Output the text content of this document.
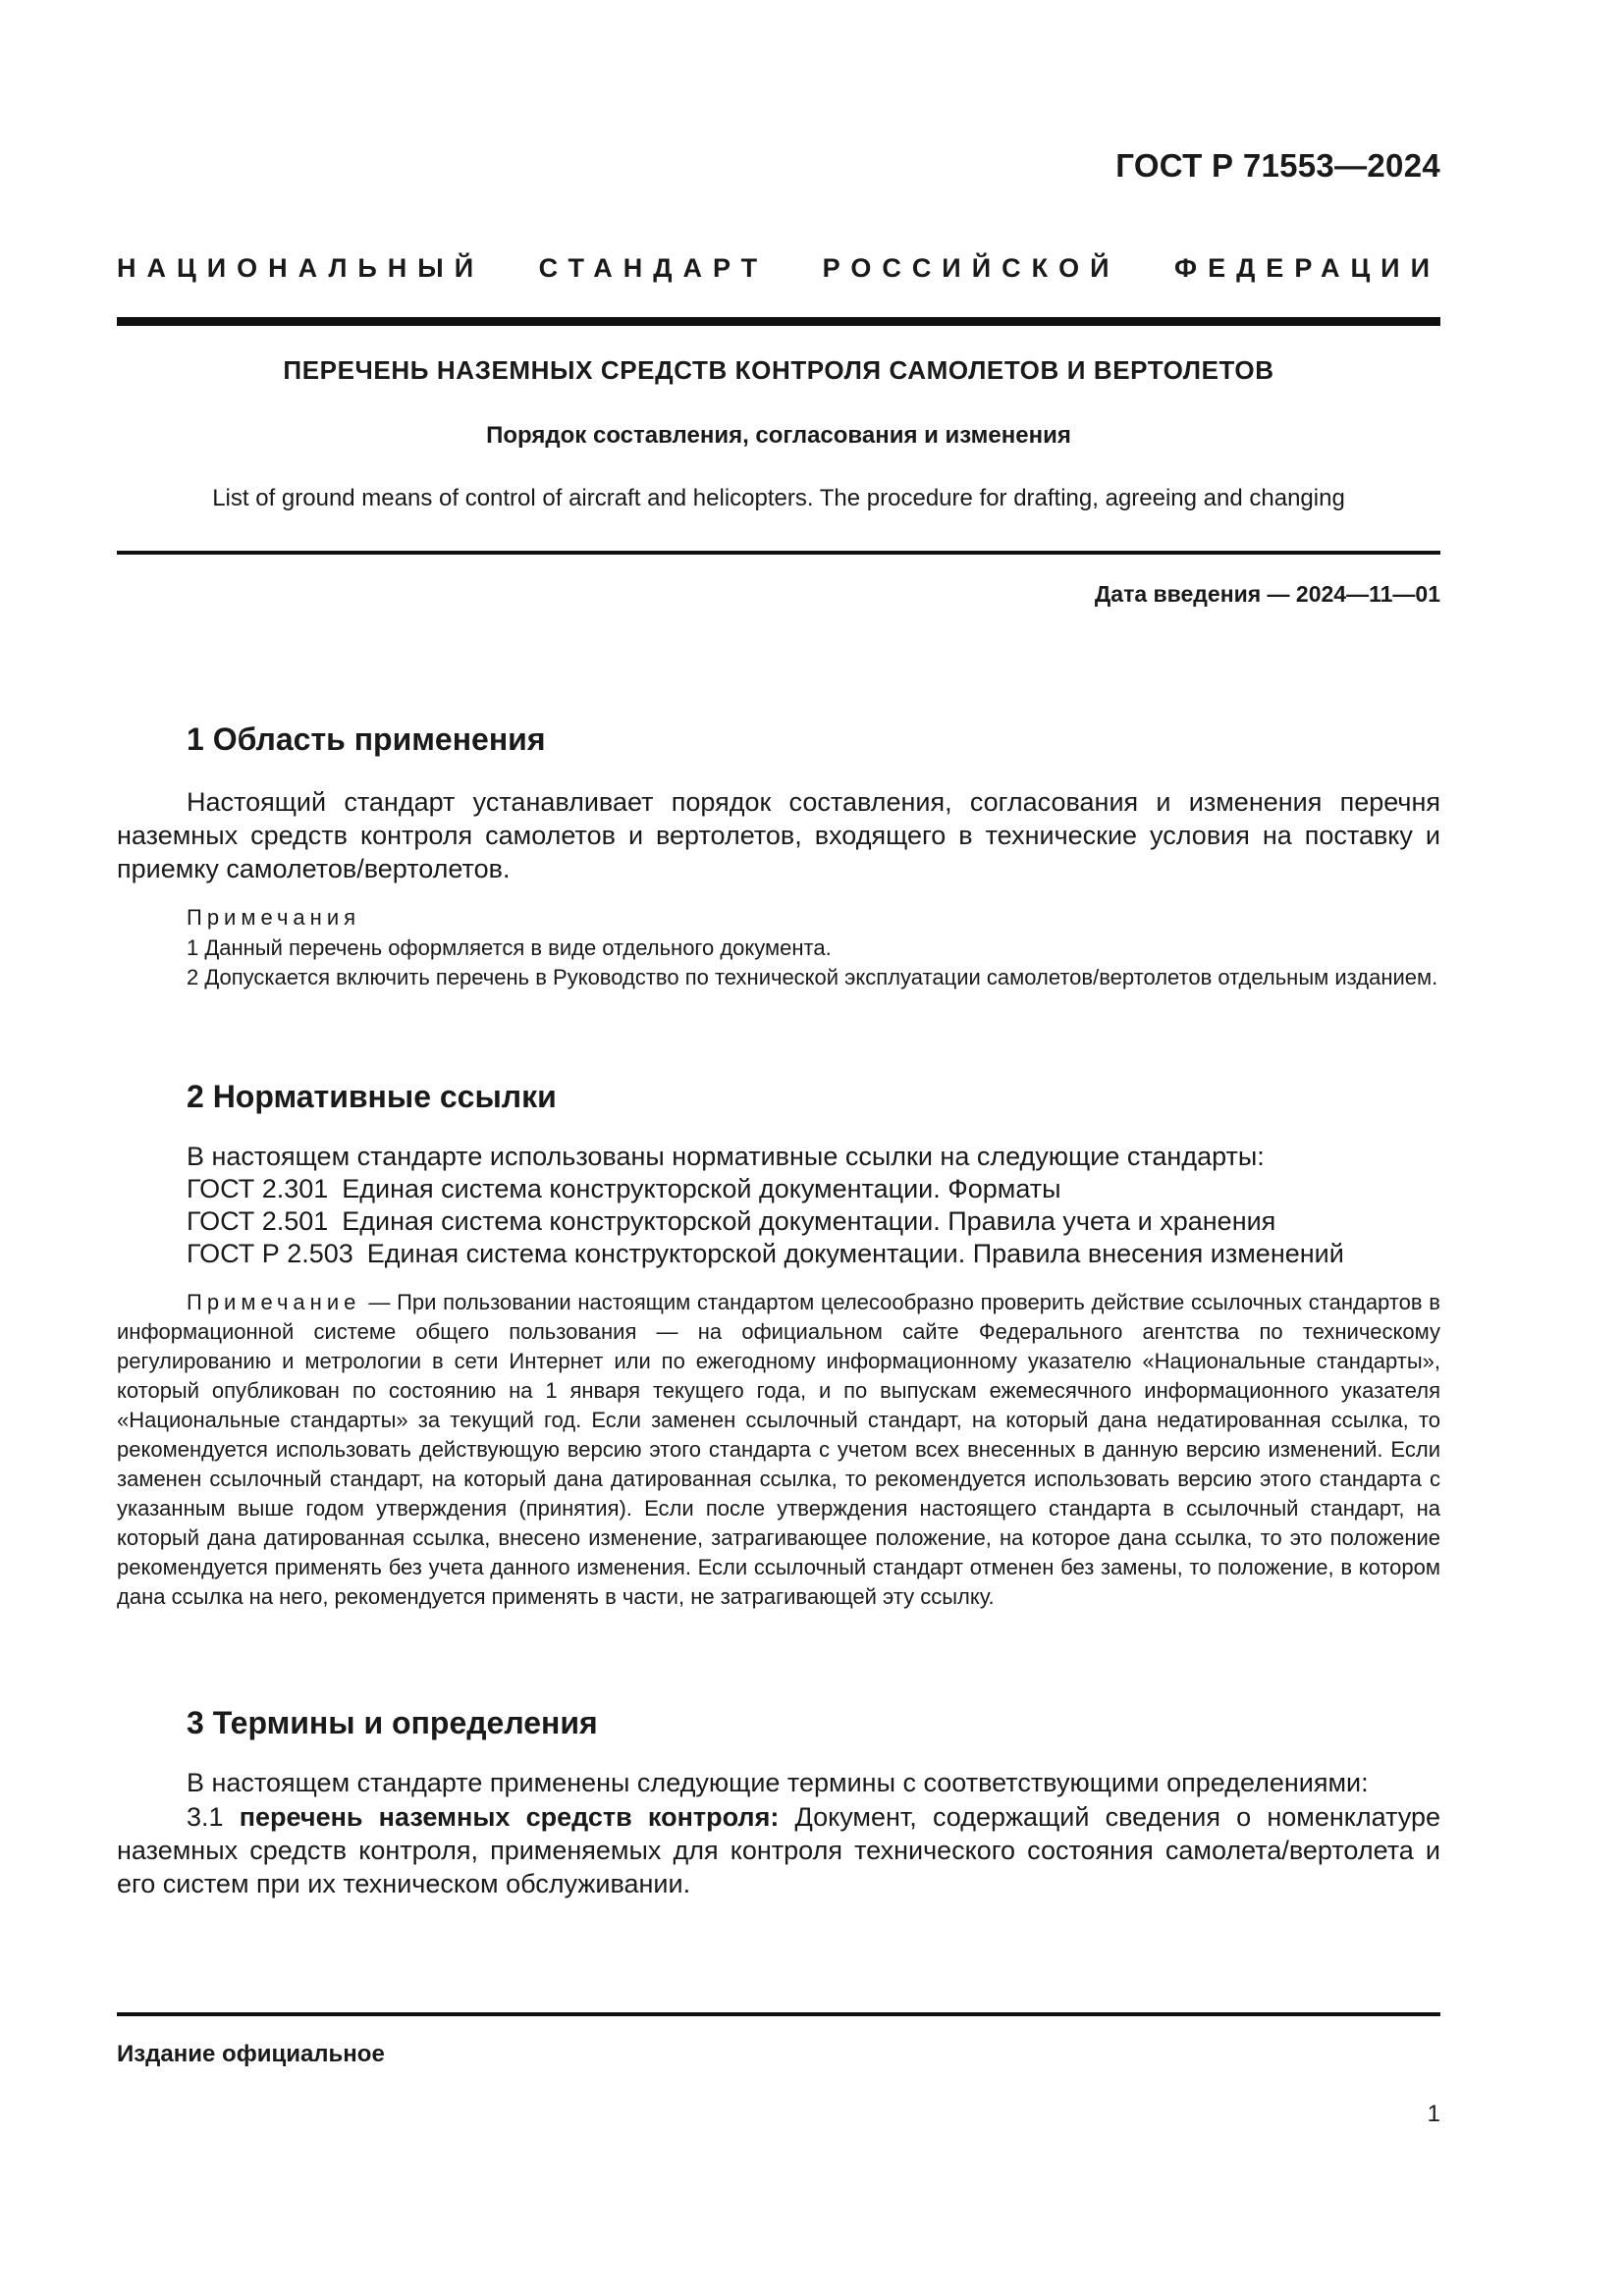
ГОСТ Р 71553—2024
НАЦИОНАЛЬНЫЙ СТАНДАРТ РОССИЙСКОЙ ФЕДЕРАЦИИ
ПЕРЕЧЕНЬ НАЗЕМНЫХ СРЕДСТВ КОНТРОЛЯ САМОЛЕТОВ И ВЕРТОЛЕТОВ
Порядок составления, согласования и изменения
List of ground means of control of aircraft and helicopters. The procedure for drafting, agreeing and changing
Дата введения — 2024—11—01
1 Область применения
Настоящий стандарт устанавливает порядок составления, согласования и изменения перечня наземных средств контроля самолетов и вертолетов, входящего в технические условия на поставку и приемку самолетов/вертолетов.
Примечания
1 Данный перечень оформляется в виде отдельного документа.
2 Допускается включить перечень в Руководство по технической эксплуатации самолетов/вертолетов отдельным изданием.
2 Нормативные ссылки
В настоящем стандарте использованы нормативные ссылки на следующие стандарты:
ГОСТ 2.301 Единая система конструкторской документации. Форматы
ГОСТ 2.501 Единая система конструкторской документации. Правила учета и хранения
ГОСТ Р 2.503 Единая система конструкторской документации. Правила внесения изменений
Примечание — При пользовании настоящим стандартом целесообразно проверить действие ссылочных стандартов в информационной системе общего пользования — на официальном сайте Федерального агентства по техническому регулированию и метрологии в сети Интернет или по ежегодному информационному указателю «Национальные стандарты», который опубликован по состоянию на 1 января текущего года, и по выпускам ежемесячного информационного указателя «Национальные стандарты» за текущий год. Если заменен ссылочный стандарт, на который дана недатированная ссылка, то рекомендуется использовать действующую версию этого стандарта с учетом всех внесенных в данную версию изменений. Если заменен ссылочный стандарт, на который дана датированная ссылка, то рекомендуется использовать версию этого стандарта с указанным выше годом утверждения (принятия). Если после утверждения настоящего стандарта в ссылочный стандарт, на который дана датированная ссылка, внесено изменение, затрагивающее положение, на которое дана ссылка, то это положение рекомендуется применять без учета данного изменения. Если ссылочный стандарт отменен без замены, то положение, в котором дана ссылка на него, рекомендуется применять в части, не затрагивающей эту ссылку.
3 Термины и определения
В настоящем стандарте применены следующие термины с соответствующими определениями:
3.1 перечень наземных средств контроля: Документ, содержащий сведения о номенклатуре наземных средств контроля, применяемых для контроля технического состояния самолета/вертолета и его систем при их техническом обслуживании.
Издание официальное
1
